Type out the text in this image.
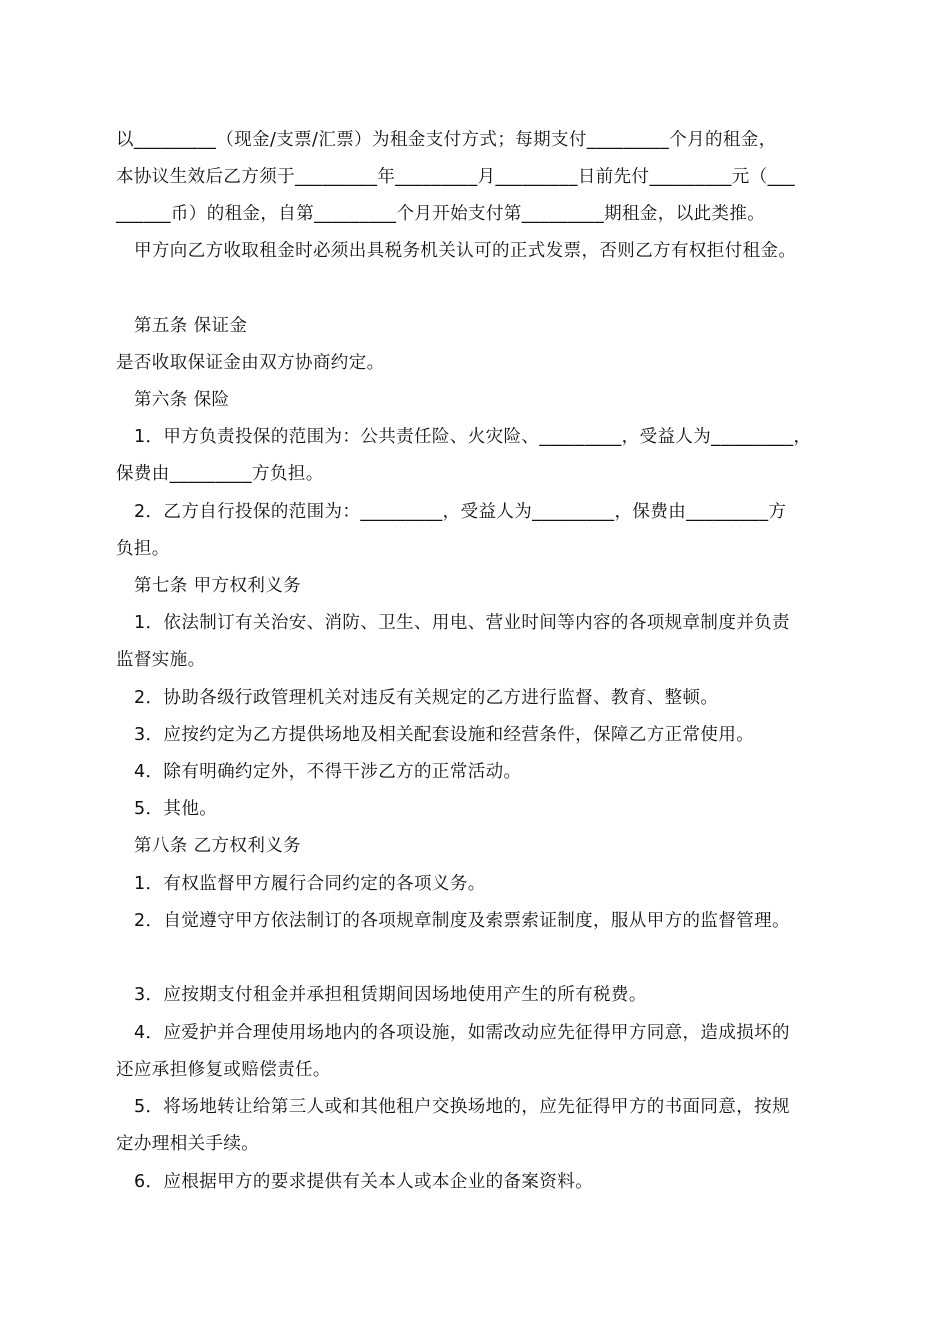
以_________（现金/支票/汇票）为租金支付方式；每期支付_________个月的租金，
本协议生效后乙方须于_________年_________月_________日前先付_________元（___
______币）的租金，自第_________个月开始支付第_________期租金，以此类推。
甲方向乙方收取租金时必须出具税务机关认可的正式发票，否则乙方有权拒付租金。
第五条 保证金
是否收取保证金由双方协商约定。
第六条 保险
1．甲方负责投保的范围为：公共责任险、火灾险、_________，受益人为_________，
保费由_________方负担。
2．乙方自行投保的范围为：_________，受益人为_________，保费由_________方
负担。
第七条 甲方权利义务
1．依法制订有关治安、消防、卫生、用电、营业时间等内容的各项规章制度并负责
监督实施。
2．协助各级行政管理机关对违反有关规定的乙方进行监督、教育、整顿。
3．应按约定为乙方提供场地及相关配套设施和经营条件，保障乙方正常使用。
4．除有明确约定外，不得干涉乙方的正常活动。
5．其他。
第八条 乙方权利义务
1．有权监督甲方履行合同约定的各项义务。
2．自觉遵守甲方依法制订的各项规章制度及索票索证制度，服从甲方的监督管理。
3．应按期支付租金并承担租赁期间因场地使用产生的所有税费。
4．应爱护并合理使用场地内的各项设施，如需改动应先征得甲方同意，造成损坏的
还应承担修复或赔偿责任。
5．将场地转让给第三人或和其他租户交换场地的，应先征得甲方的书面同意，按规
定办理相关手续。
6．应根据甲方的要求提供有关本人或本企业的备案资料。
